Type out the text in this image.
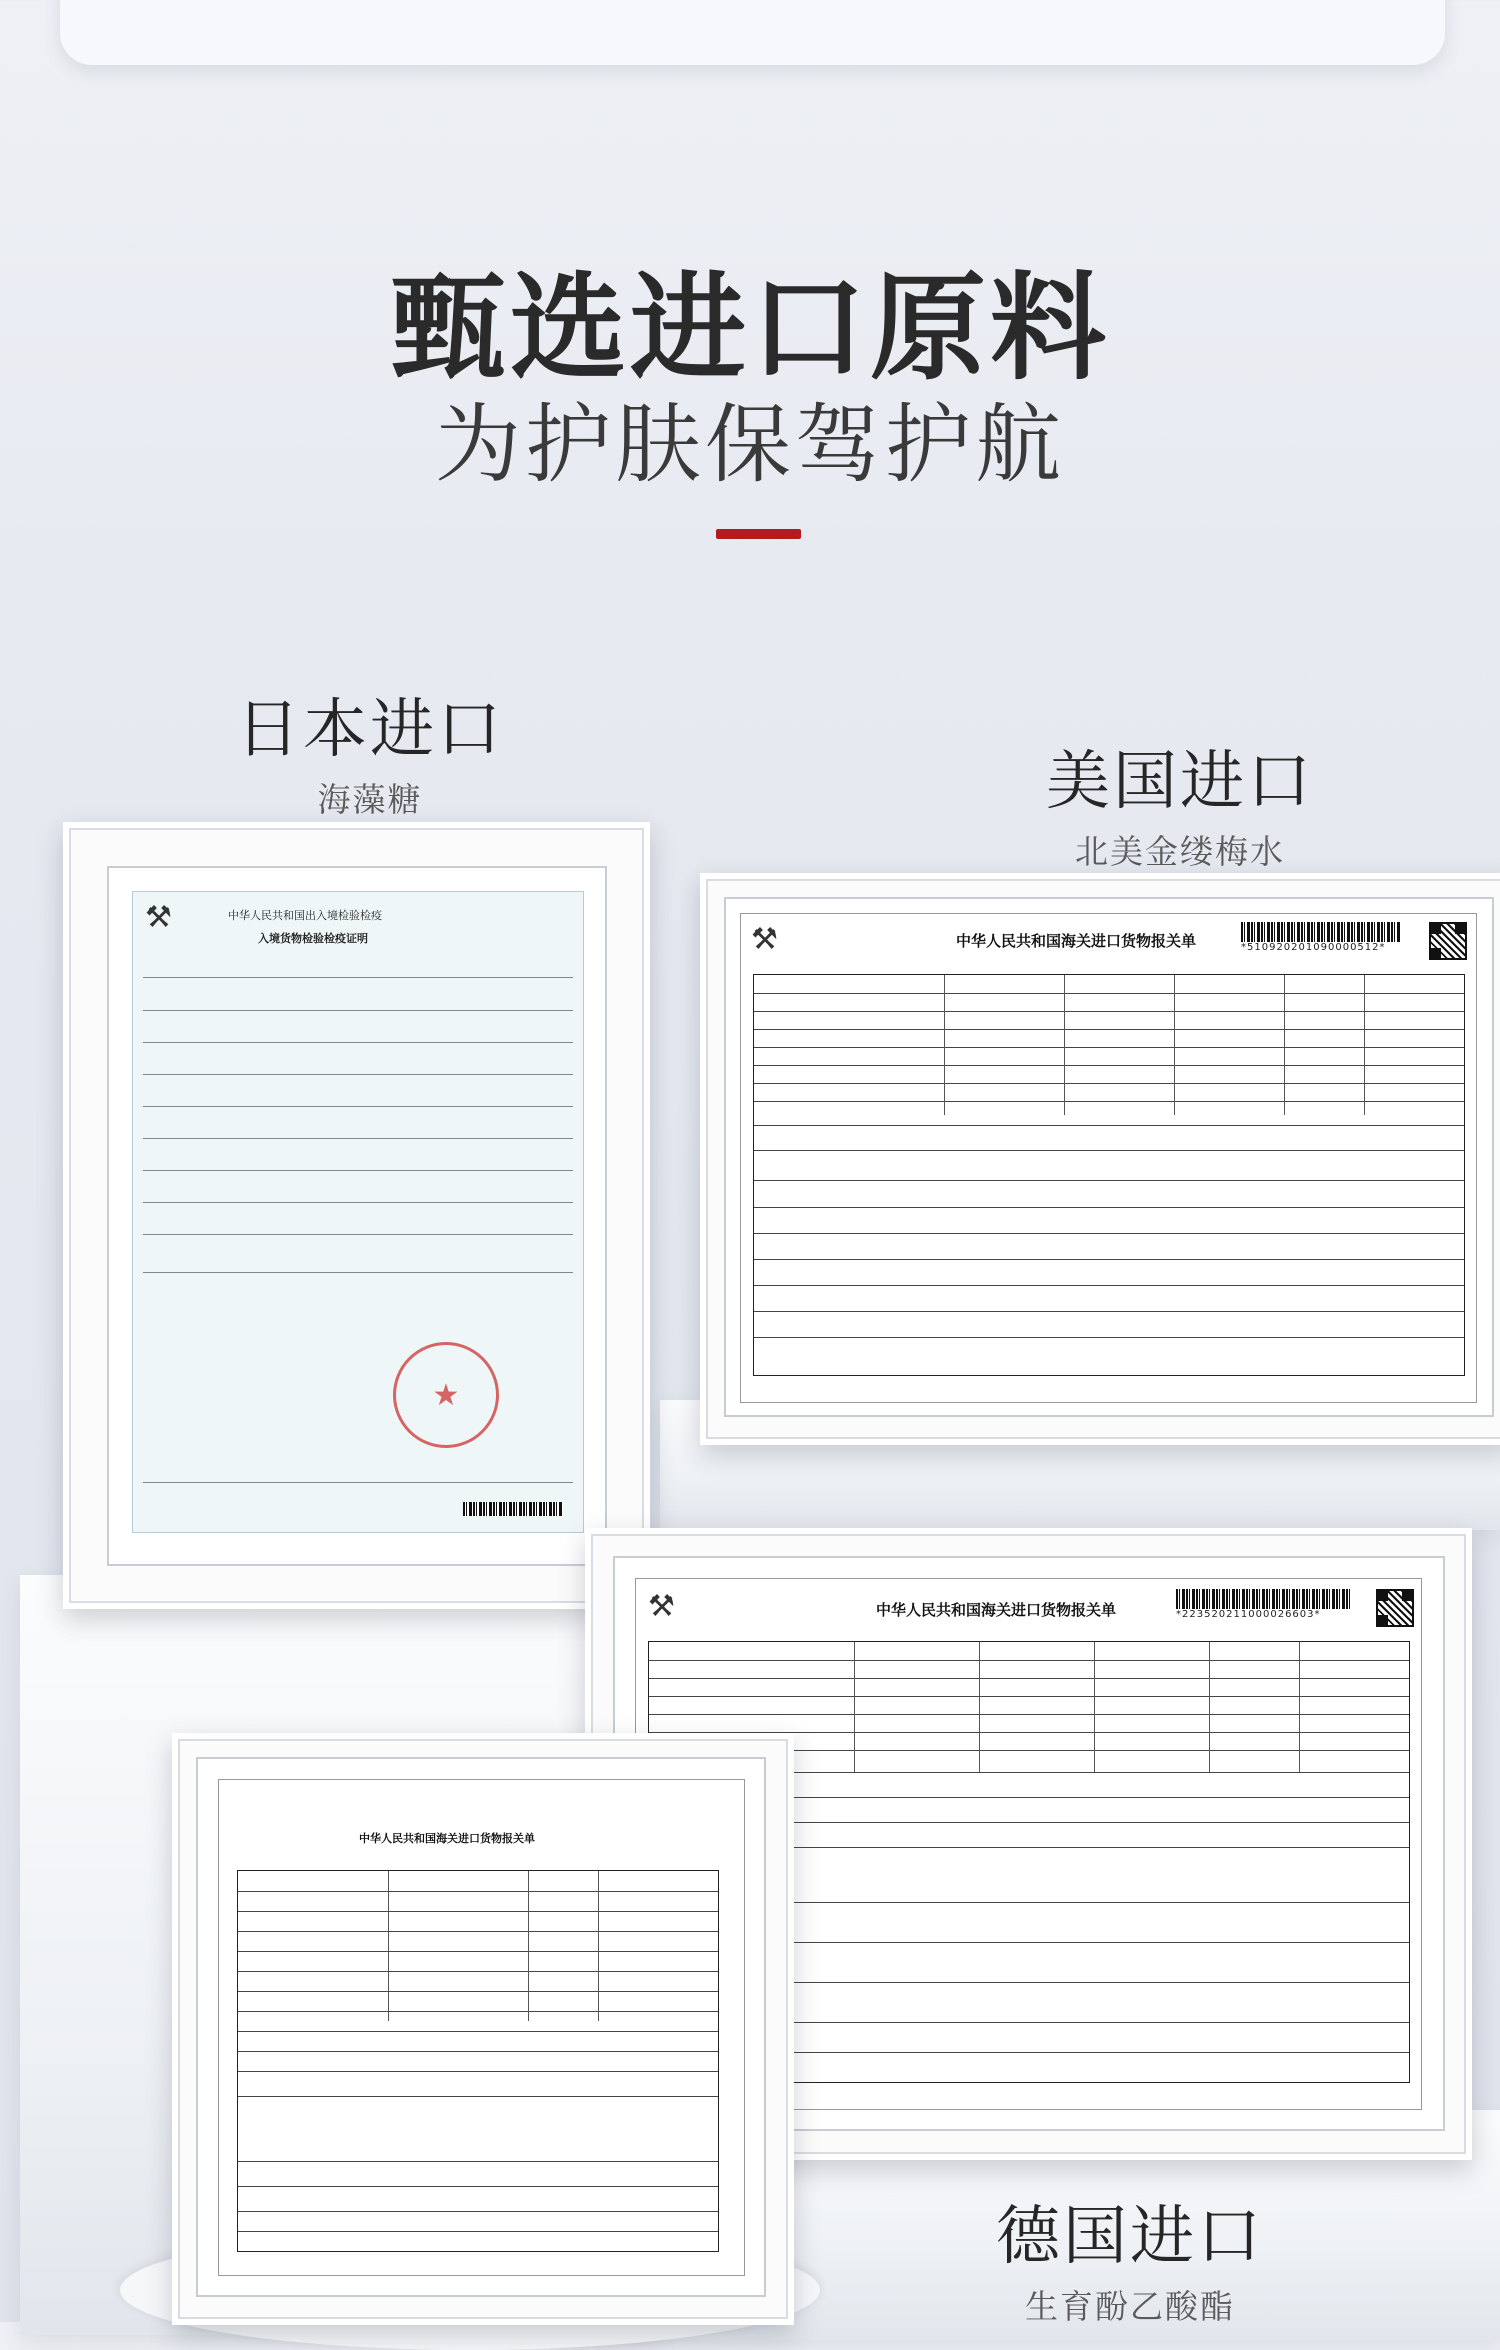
甄选进口原料
为护肤保驾护航
日本进口
海藻糖	美国进口
北美金缕梅水
⚒	中华人民共和国出入境检验检疫
入境货物检验检疫证明
★
⚒	中华人民共和国海关进口货物报关单	*510920201090000512*
⚒	中华人民共和国海关进口货物报关单	*223520211000026603*
中华人民共和国海关进口货物报关单
德国进口
生育酚乙酸酯
